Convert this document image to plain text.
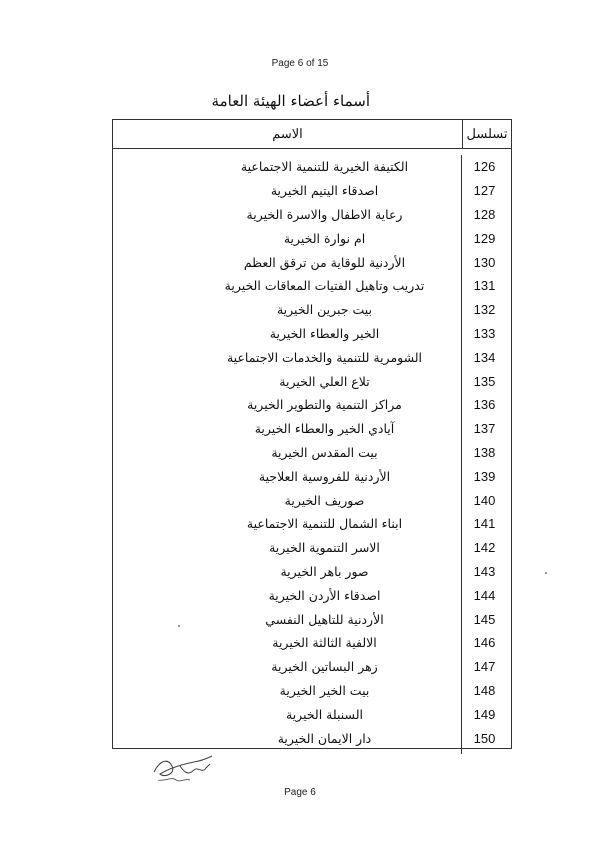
Page 6 of 15
أسماء أعضاء الهيئة العامة
تسلسل
الاسم
126
الكتيفة الخيرية للتنمية الاجتماعية
127
اصدقاء اليتيم الخيرية
128
رعاية الاطفال والاسرة الخيرية
129
ام نوارة الخيرية
130
الأردنية للوقاية من ترقق العظم
131
تدريب وتاهيل الفتيات المعاقات الخيرية
132
بيت جبرين الخيرية
133
الخير والعطاء الخيرية
134
الشومرية للتنمية والخدمات الاجتماعية
135
تلاع العلي الخيرية
136
مراكز التنمية والتطوير الخيرية
137
آيادي الخير والعطاء الخيرية
138
بيت المقدس الخيرية
139
الأردنية للفروسية العلاجية
140
صوريف الخيرية
141
ابناء الشمال للتنمية الاجتماعية
142
الاسر التنموية الخيرية
143
صور باهر الخيرية
144
اصدقاء الأردن الخيرية
145
الأردنية للتاهيل النفسي
146
الالفية الثالثة الخيرية
147
زهر البساتين الخيرية
148
بيت الخير الخيرية
149
السنبلة الخيرية
150
دار الايمان الخيرية
Page 6
